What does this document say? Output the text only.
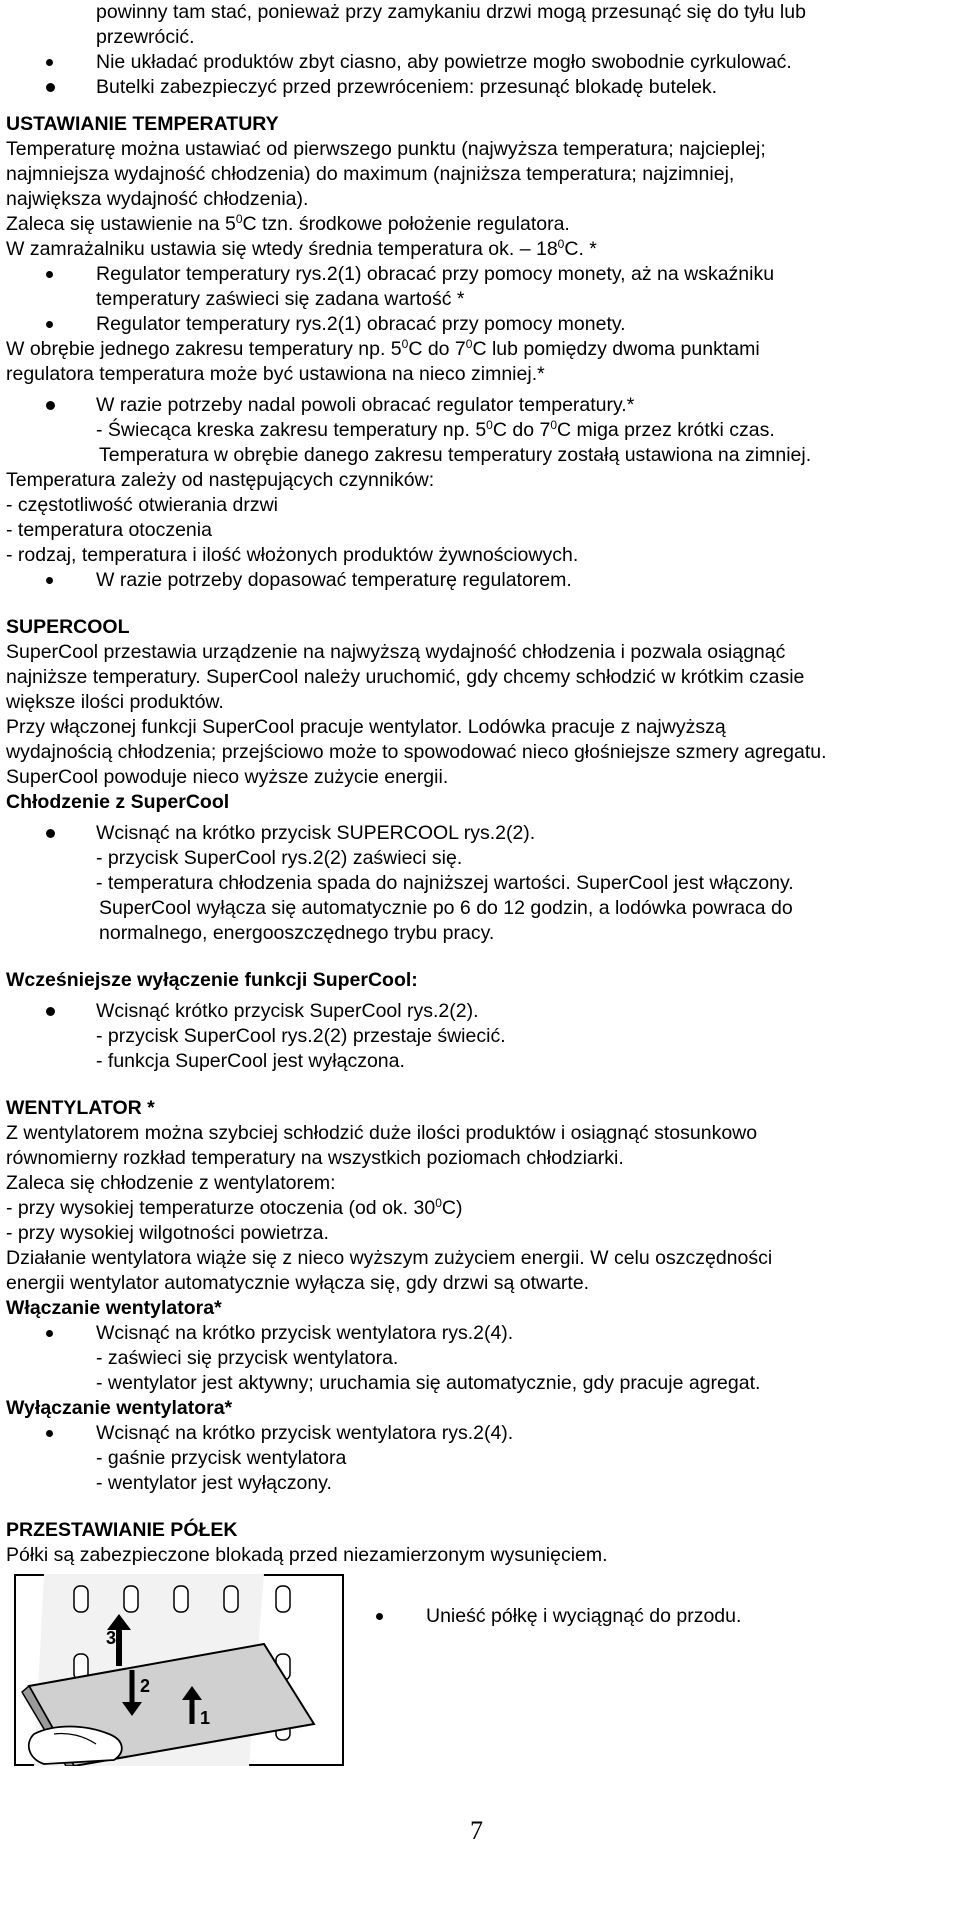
powinny tam stać, ponieważ przy zamykaniu drzwi mogą przesunąć się do tyłu lub
przewrócić.
Nie układać produktów zbyt ciasno, aby powietrze mogło swobodnie cyrkulować.
Butelki zabezpieczyć przed przewróceniem: przesunąć blokadę butelek.
USTAWIANIE TEMPERATURY
Temperaturę można ustawiać od pierwszego punktu (najwyższa temperatura; najcieplej;
najmniejsza wydajność chłodzenia) do maximum (najniższa temperatura; najzimniej,
największa wydajność chłodzenia).
Zaleca się ustawienie na $5^0C$ tzn. środkowe położenie regulatora.
W zamrażalniku ustawia się wtedy średnia temperatura ok. – $18^0C$. *
Regulator temperatury rys.2(1) obracać przy pomocy monety, aż na wskaźniku
temperatury zaświeci się zadana wartość *
Regulator temperatury rys.2(1) obracać przy pomocy monety.
W obrębie jednego zakresu temperatury np. $5^0C$ do $7^0C$ lub pomiędzy dwoma punktami
regulatora temperatura może być ustawiona na nieco zimniej.*
W razie potrzeby nadal powoli obracać regulator temperatury.*
- Świecąca kreska zakresu temperatury np. $5^0C$ do $7^0C$ miga przez krótki czas.
Temperatura w obrębie danego zakresu temperatury zostałą ustawiona na zimniej.
Temperatura zależy od następujących czynników:
- częstotliwość otwierania drzwi
- temperatura otoczenia
- rodzaj, temperatura i ilość włożonych produktów żywnościowych.
W razie potrzeby dopasować temperaturę regulatorem.
SUPERCOOL
SuperCool przestawia urządzenie na najwyższą wydajność chłodzenia i pozwala osiągnąć
najniższe temperatury. SuperCool należy uruchomić, gdy chcemy schłodzić w krótkim czasie
większe ilości produktów.
Przy włączonej funkcji SuperCool pracuje wentylator. Lodówka pracuje z najwyższą
wydajnością chłodzenia; przejściowo może to spowodować nieco głośniejsze szmery agregatu.
SuperCool powoduje nieco wyższe zużycie energii.
Chłodzenie z SuperCool
Wcisnąć na krótko przycisk SUPERCOOL rys.2(2).
- przycisk SuperCool rys.2(2) zaświeci się.
- temperatura chłodzenia spada do najniższej wartości. SuperCool jest włączony.
SuperCool wyłącza się automatycznie po 6 do 12 godzin, a lodówka powraca do
normalnego, energooszczędnego trybu pracy.
Wcześniejsze wyłączenie funkcji SuperCool:
Wcisnąć krótko przycisk SuperCool rys.2(2).
- przycisk SuperCool rys.2(2) przestaje świecić.
- funkcja SuperCool jest wyłączona.
WENTYLATOR *
Z wentylatorem można szybciej schłodzić duże ilości produktów i osiągnąć stosunkowo
równomierny rozkład temperatury na wszystkich poziomach chłodziarki.
Zaleca się chłodzenie z wentylatorem:
- przy wysokiej temperaturze otoczenia (od ok. $30^0C$)
- przy wysokiej wilgotności powietrza.
Działanie wentylatora wiąże się z nieco wyższym zużyciem energii. W celu oszczędności
energii wentylator automatycznie wyłącza się, gdy drzwi są otwarte.
Włączanie wentylatora*
Wcisnąć na krótko przycisk wentylatora rys.2(4).
- zaświeci się przycisk wentylatora.
- wentylator jest aktywny; uruchamia się automatycznie, gdy pracuje agregat.
Wyłączanie wentylatora*
Wcisnąć na krótko przycisk wentylatora rys.2(4).
- gaśnie przycisk wentylatora
- wentylator jest wyłączony.
PRZESTAWIANIE PÓŁEK
Półki są zabezpieczone blokadą przed niezamierzonym wysunięciem.
3
2
1
Unieść półkę i wyciągnąć do przodu.
7
